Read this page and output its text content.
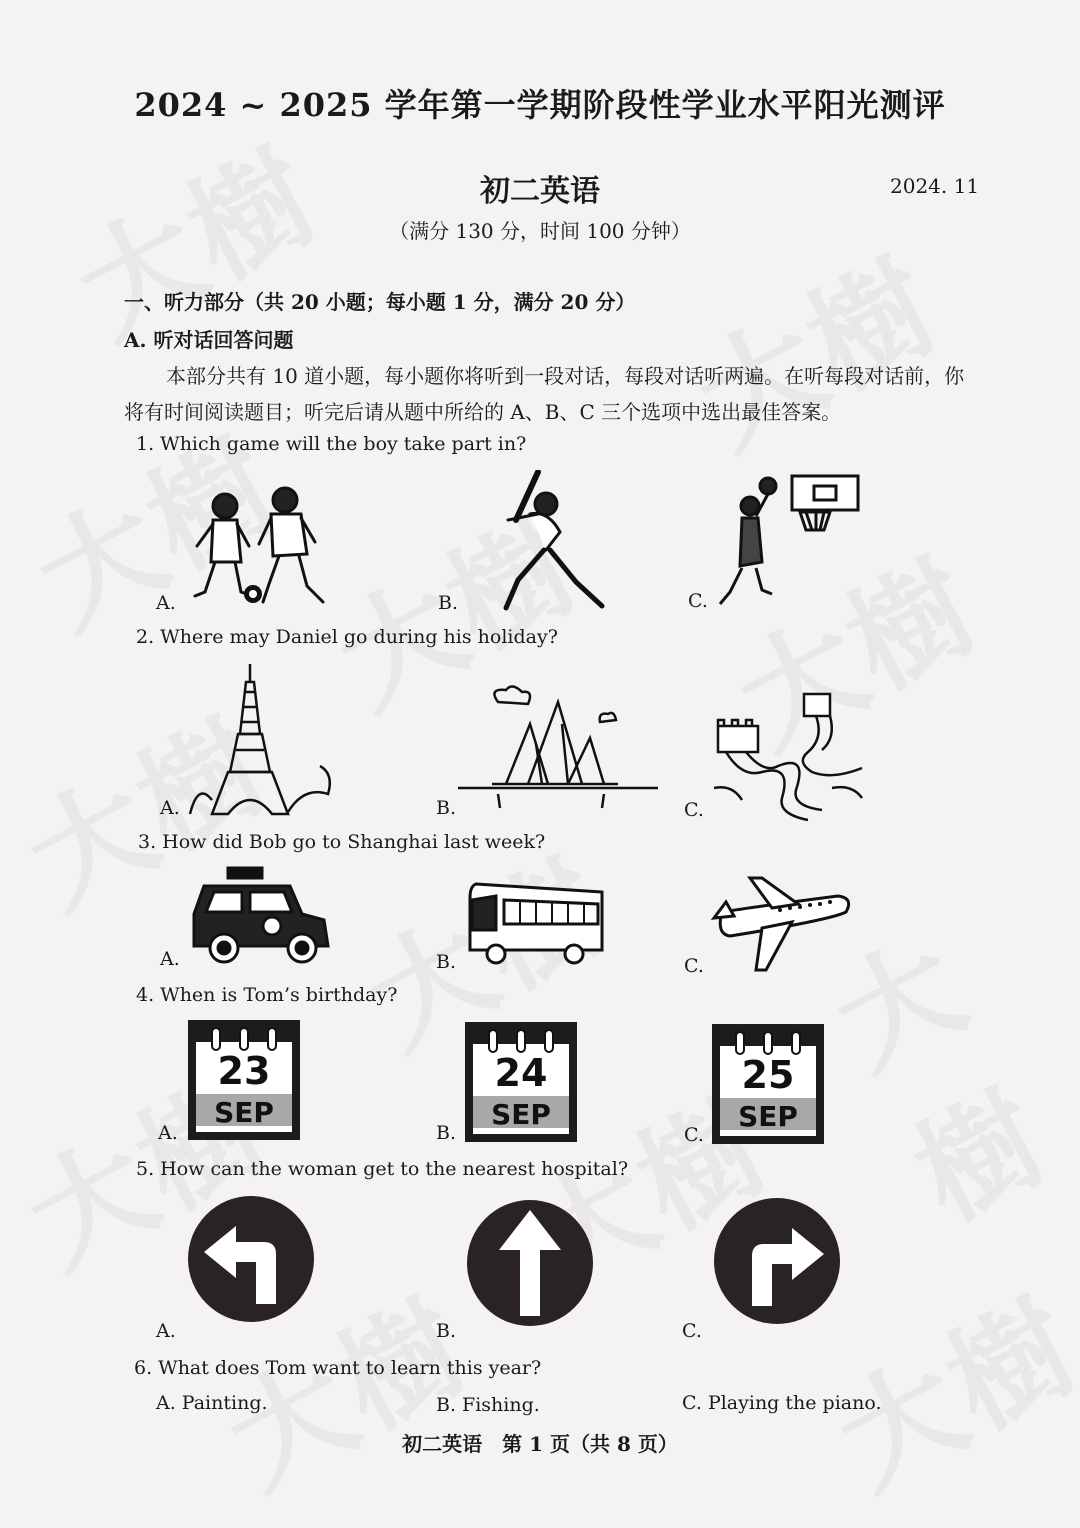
2024 ~ 2025 学年第一学期阶段性学业水平阳光测评
初二英语	2024. 11
（满分 130 分，时间 100 分钟）
一、听力部分（共 20 小题；每小题 1 分，满分 20 分）
A. 听对话回答问题
本部分共有 10 道小题，每小题你将听到一段对话，每段对话听两遍。在听每段对话前，你将有时间阅读题目；听完后请从题中所给的 A、B、C 三个选项中选出最佳答案。
1. Which game will the boy take part in?
A.	B.	C.
2. Where may Daniel go during his holiday?
A.	B.	C.
3. How did Bob go to Shanghai last week?
A.	B.	C.
4. When is Tom’s birthday?
A.	B.	C.
23
SEP
24
SEP
25
SEP
5. How can the woman get to the nearest hospital?
A.	B.	C.
6. What does Tom want to learn this year?
A. Painting.	B. Fishing.	C. Playing the piano.
初二英语　第 1 页（共 8 页）
